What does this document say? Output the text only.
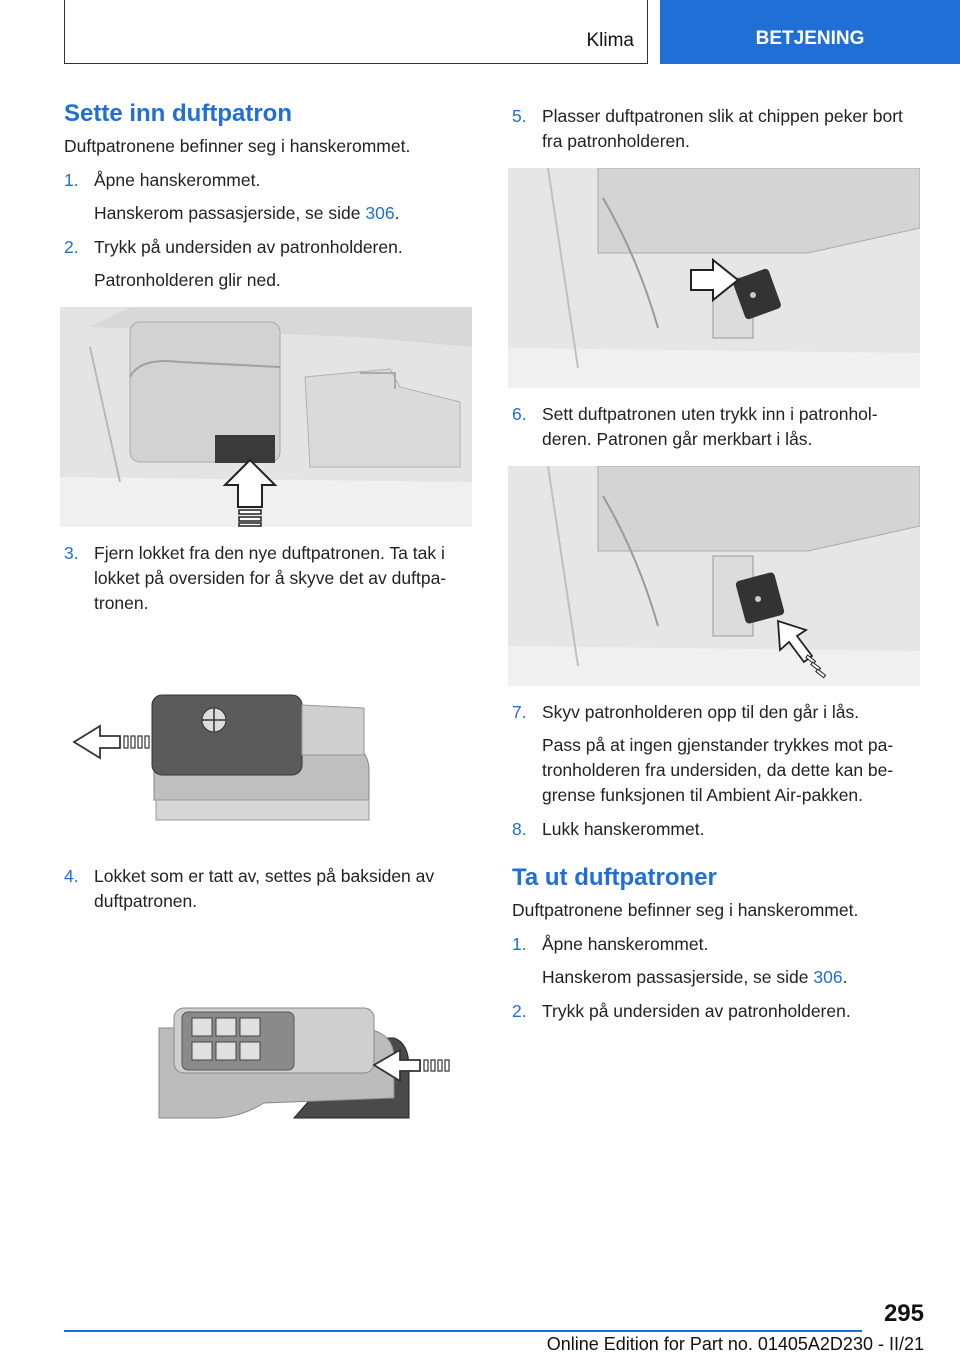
Klima	BETJENING
Sette inn duftpatron

Duftpatronene befinner seg i hanskerommet.

1. Åpne hanskerommet.
Hanskerom passasjerside, se side 306.
2. Trykk på undersiden av patronholderen.
Patronholderen glir ned.
3. Fjern lokket fra den nye duftpatronen. Ta tak i lokket på oversiden for å skyve det av duftpa‐ tronen.
4. Lokket som er tatt av, settes på baksiden av duftpatronen.
5. Plasser duftpatronen slik at chippen peker bort fra patronholderen.
6. Sett duftpatronen uten trykk inn i patronhol‐ deren. Patronen går merkbart i lås.
7. Skyv patronholderen opp til den går i lås.
Pass på at ingen gjenstander trykkes mot pa‐ tronholderen fra undersiden, da dette kan be‐ grense funksjonen til Ambient Air-pakken.
8. Lukk hanskerommet.
Ta ut duftpatroner

Duftpatronene befinner seg i hanskerommet.

1. Åpne hanskerommet.
Hanskerom passasjerside, se side 306.
2. Trykk på undersiden av patronholderen.
295
Online Edition for Part no. 01405A2D230 - II/21
